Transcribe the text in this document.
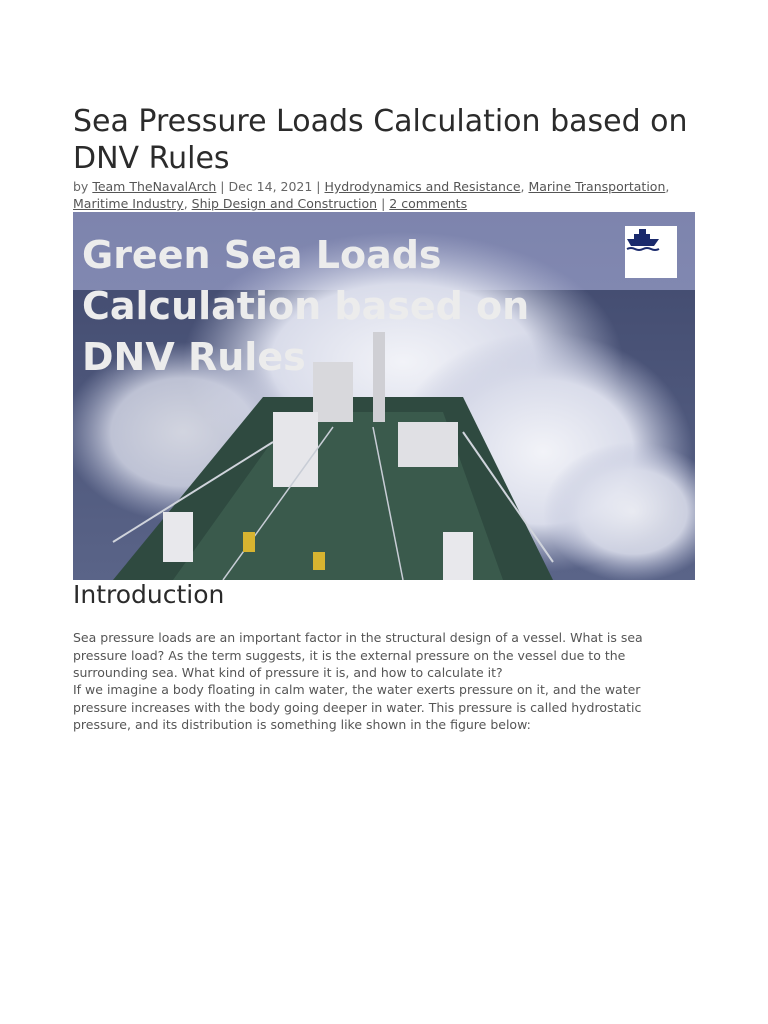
Sea Pressure Loads Calculation based on DNV Rules
by Team TheNavalArch | Dec 14, 2021 | Hydrodynamics and Resistance, Marine Transportation, Maritime Industry, Ship Design and Construction | 2 comments
Green Sea Loads
Calculation based on
DNV Rules
Introduction

Sea pressure loads are an important factor in the structural design of a vessel. What is sea pressure load? As the term suggests, it is the external pressure on the vessel due to the surrounding sea. What kind of pressure it is, and how to calculate it?

If we imagine a body floating in calm water, the water exerts pressure on it, and the water pressure increases with the body going deeper in water. This pressure is called hydrostatic pressure, and its distribution is something like shown in the figure below:
